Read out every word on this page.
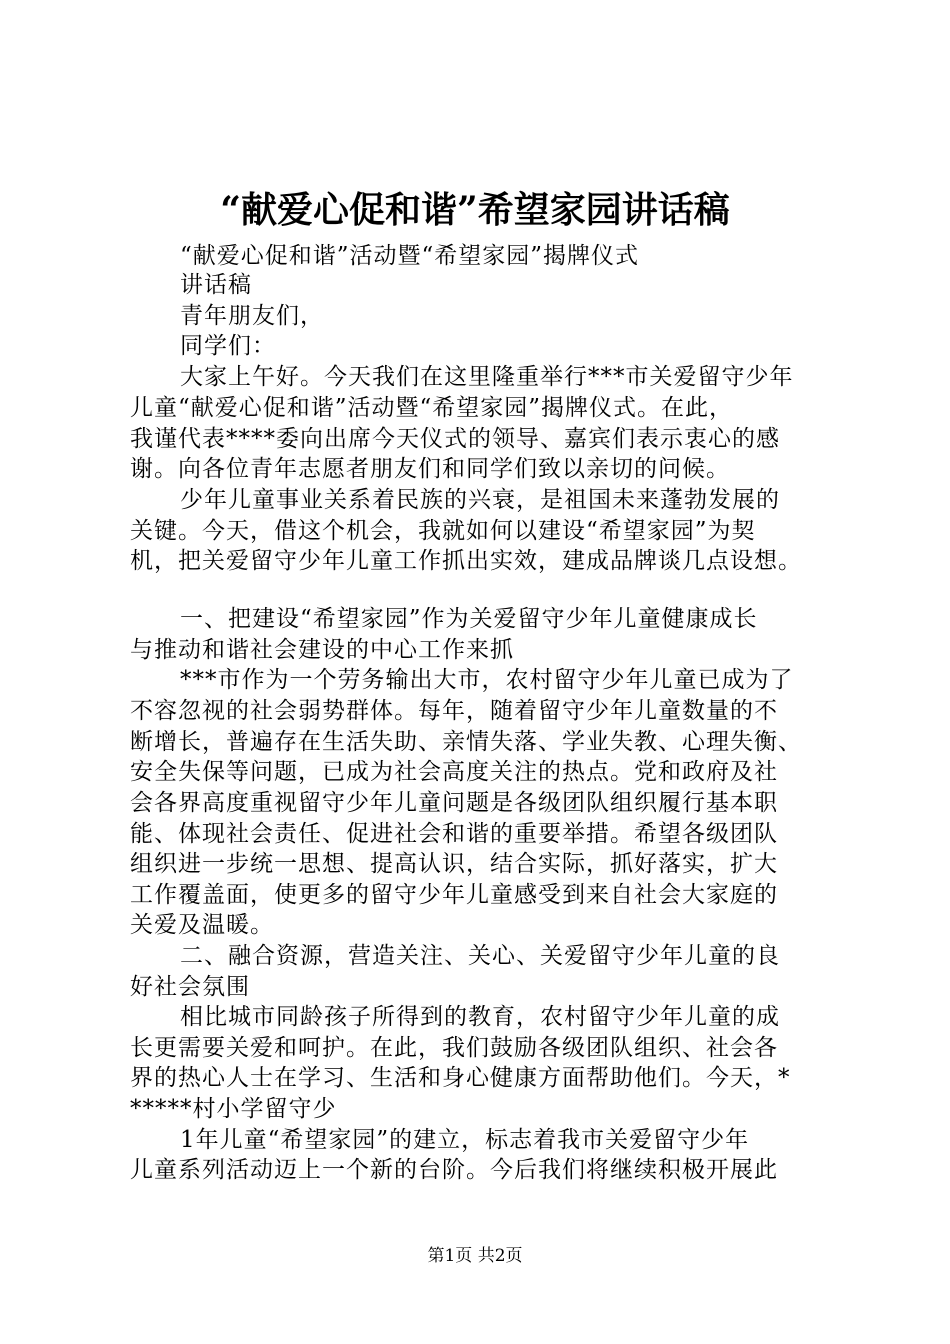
“献爱心促和谐”希望家园讲话稿
“献爱心促和谐”活动暨“希望家园”揭牌仪式
讲话稿
青年朋友们，
同学们：
大家上午好。今天我们在这里隆重举行***市关爱留守少年
儿童“献爱心促和谐”活动暨“希望家园”揭牌仪式。在此，
我谨代表****委向出席今天仪式的领导、嘉宾们表示衷心的感
谢。向各位青年志愿者朋友们和同学们致以亲切的问候。
少年儿童事业关系着民族的兴衰，是祖国未来蓬勃发展的
关键。今天，借这个机会，我就如何以建设“希望家园”为契
机，把关爱留守少年儿童工作抓出实效，建成品牌谈几点设想。
一、把建设“希望家园”作为关爱留守少年儿童健康成长
与推动和谐社会建设的中心工作来抓
***市作为一个劳务输出大市，农村留守少年儿童已成为了
不容忽视的社会弱势群体。每年，随着留守少年儿童数量的不
断增长，普遍存在生活失助、亲情失落、学业失教、心理失衡、
安全失保等问题，已成为社会高度关注的热点。党和政府及社
会各界高度重视留守少年儿童问题是各级团队组织履行基本职
能、体现社会责任、促进社会和谐的重要举措。希望各级团队
组织进一步统一思想、提高认识，结合实际，抓好落实，扩大
工作覆盖面，使更多的留守少年儿童感受到来自社会大家庭的
关爱及温暖。
二、融合资源，营造关注、关心、关爱留守少年儿童的良
好社会氛围
相比城市同龄孩子所得到的教育，农村留守少年儿童的成
长更需要关爱和呵护。在此，我们鼓励各级团队组织、社会各
界的热心人士在学习、生活和身心健康方面帮助他们。今天，*
*****村小学留守少
1年儿童“希望家园”的建立，标志着我市关爱留守少年
儿童系列活动迈上一个新的台阶。今后我们将继续积极开展此
第1页 共2页
